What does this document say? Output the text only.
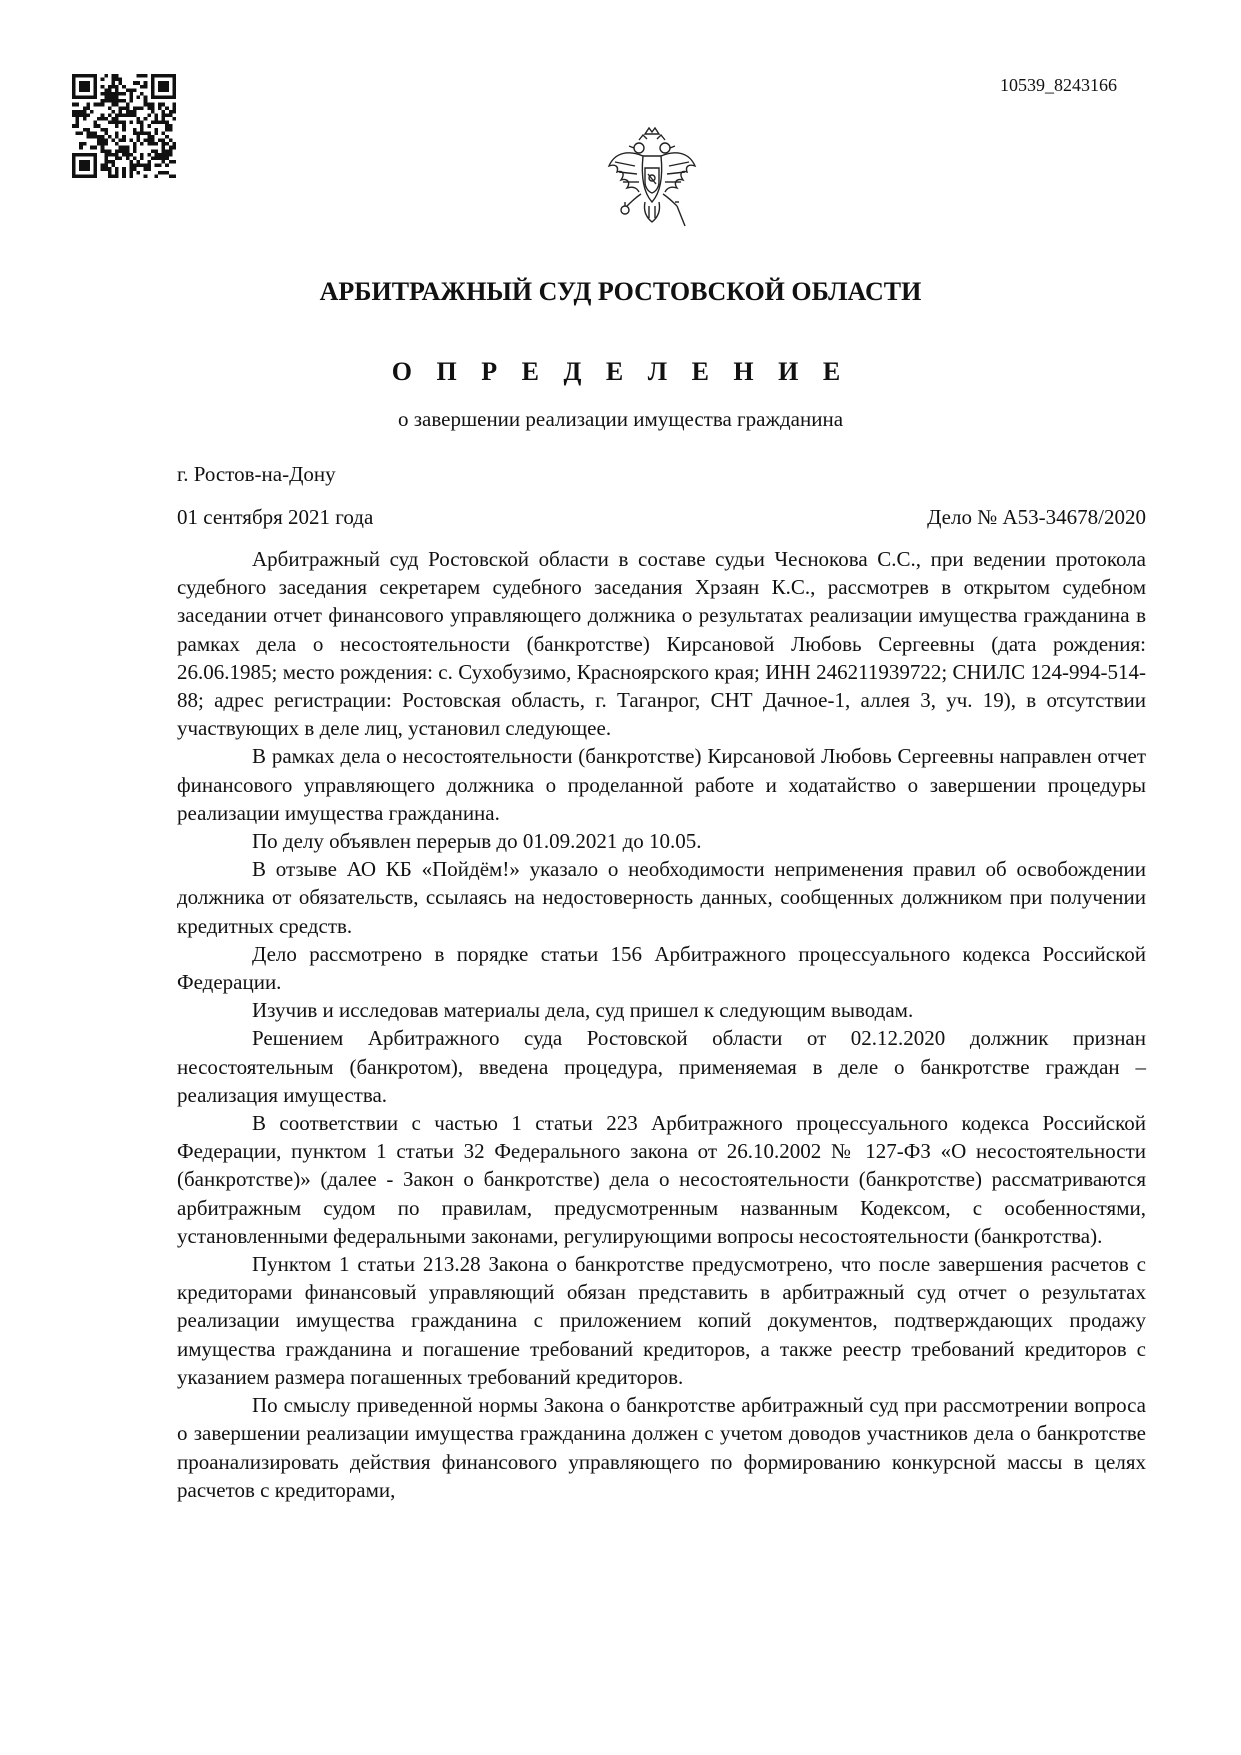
10539_8243166
АРБИТРАЖНЫЙ СУД РОСТОВСКОЙ ОБЛАСТИ
О П Р Е Д Е Л Е Н И Е
о завершении реализации имущества гражданина
г. Ростов-на-Дону
01 сентября 2021 года	Дело № А53-34678/2020

Арбитражный суд Ростовской области в составе судьи Чеснокова С.С., при ведении протокола судебного заседания секретарем судебного заседания Хрзаян К.С., рассмотрев в открытом судебном заседании отчет финансового управляющего должника о результатах реализации имущества гражданина в рамках дела о несостоятельности (банкротстве) Кирсановой Любовь Сергеевны (дата рождения: 26.06.1985; место рождения: с. Сухобузимо, Красноярского края; ИНН 246211939722; СНИЛС 124-994-514-88; адрес регистрации: Ростовская область, г. Таганрог, СНТ Дачное-1, аллея 3, уч. 19), в отсутствии участвующих в деле лиц, установил следующее.

В рамках дела о несостоятельности (банкротстве) Кирсановой Любовь Сергеевны направлен отчет финансового управляющего должника о проделанной работе и ходатайство о завершении процедуры реализации имущества гражданина.

По делу объявлен перерыв до 01.09.2021 до 10.05.

В отзыве АО КБ «Пойдём!» указало о необходимости неприменения правил об освобождении должника от обязательств, ссылаясь на недостоверность данных, сообщенных должником при получении кредитных средств.

Дело рассмотрено в порядке статьи 156 Арбитражного процессуального кодекса Российской Федерации.

Изучив и исследовав материалы дела, суд пришел к следующим выводам.

Решением Арбитражного суда Ростовской области от 02.12.2020 должник признан несостоятельным (банкротом), введена процедура, применяемая в деле о банкротстве граждан – реализация имущества.

В соответствии с частью 1 статьи 223 Арбитражного процессуального кодекса Российской Федерации, пунктом 1 статьи 32 Федерального закона от 26.10.2002 № 127-ФЗ «О несостоятельности (банкротстве)» (далее - Закон о банкротстве) дела о несостоятельности (банкротстве) рассматриваются арбитражным судом по правилам, предусмотренным названным Кодексом, с особенностями, установленными федеральными законами, регулирующими вопросы несостоятельности (банкротства).

Пунктом 1 статьи 213.28 Закона о банкротстве предусмотрено, что после завершения расчетов с кредиторами финансовый управляющий обязан представить в арбитражный суд отчет о результатах реализации имущества гражданина с приложением копий документов, подтверждающих продажу имущества гражданина и погашение требований кредиторов, а также реестр требований кредиторов с указанием размера погашенных требований кредиторов.

По смыслу приведенной нормы Закона о банкротстве арбитражный суд при рассмотрении вопроса о завершении реализации имущества гражданина должен с учетом доводов участников дела о банкротстве проанализировать действия финансового управляющего по формированию конкурсной массы в целях расчетов с кредиторами,
